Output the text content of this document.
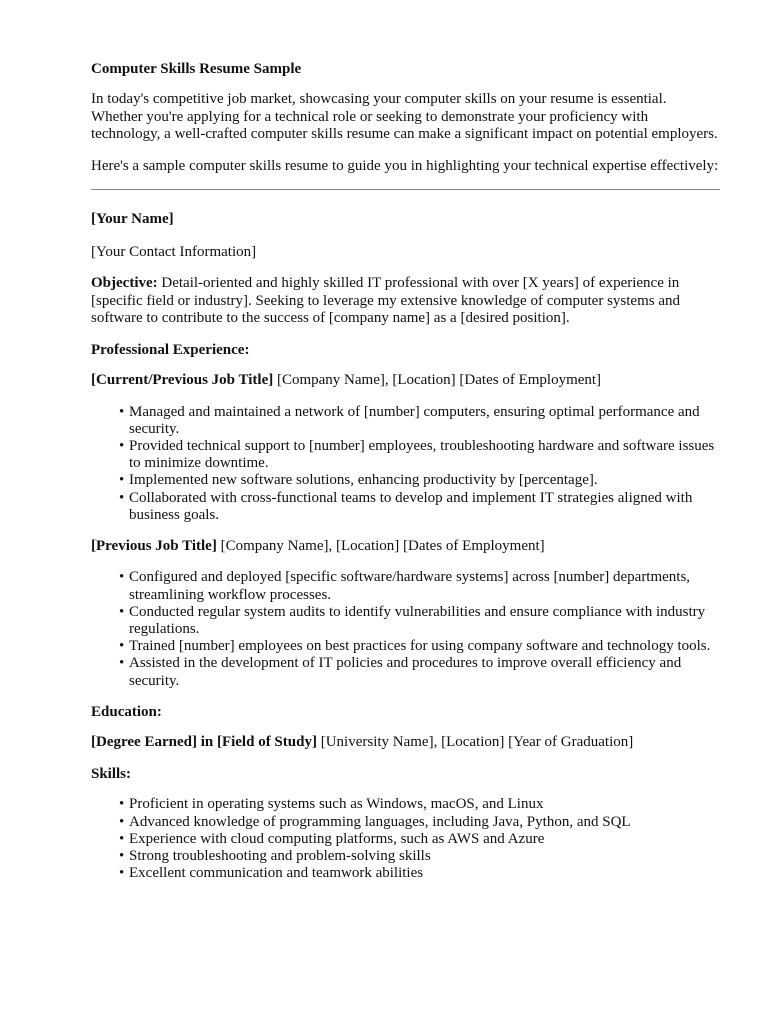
Computer Skills Resume Sample

In today's competitive job market, showcasing your computer skills on your resume is essential. Whether you're applying for a technical role or seeking to demonstrate your proficiency with technology, a well-crafted computer skills resume can make a significant impact on potential employers.

Here's a sample computer skills resume to guide you in highlighting your technical expertise effectively:

[Your Name]

[Your Contact Information]

Objective: Detail-oriented and highly skilled IT professional with over [X years] of experience in [specific field or industry]. Seeking to leverage my extensive knowledge of computer systems and software to contribute to the success of [company name] as a [desired position].

Professional Experience:

[Current/Previous Job Title] [Company Name], [Location] [Dates of Employment]

• Managed and maintained a network of [number] computers, ensuring optimal performance and security.
• Provided technical support to [number] employees, troubleshooting hardware and software issues to minimize downtime.
• Implemented new software solutions, enhancing productivity by [percentage].
• Collaborated with cross-functional teams to develop and implement IT strategies aligned with business goals.

[Previous Job Title] [Company Name], [Location] [Dates of Employment]

• Configured and deployed [specific software/hardware systems] across [number] departments, streamlining workflow processes.
• Conducted regular system audits to identify vulnerabilities and ensure compliance with industry regulations.
• Trained [number] employees on best practices for using company software and technology tools.
• Assisted in the development of IT policies and procedures to improve overall efficiency and security.

Education:

[Degree Earned] in [Field of Study] [University Name], [Location] [Year of Graduation]

Skills:

• Proficient in operating systems such as Windows, macOS, and Linux
• Advanced knowledge of programming languages, including Java, Python, and SQL
• Experience with cloud computing platforms, such as AWS and Azure
• Strong troubleshooting and problem-solving skills
• Excellent communication and teamwork abilities
